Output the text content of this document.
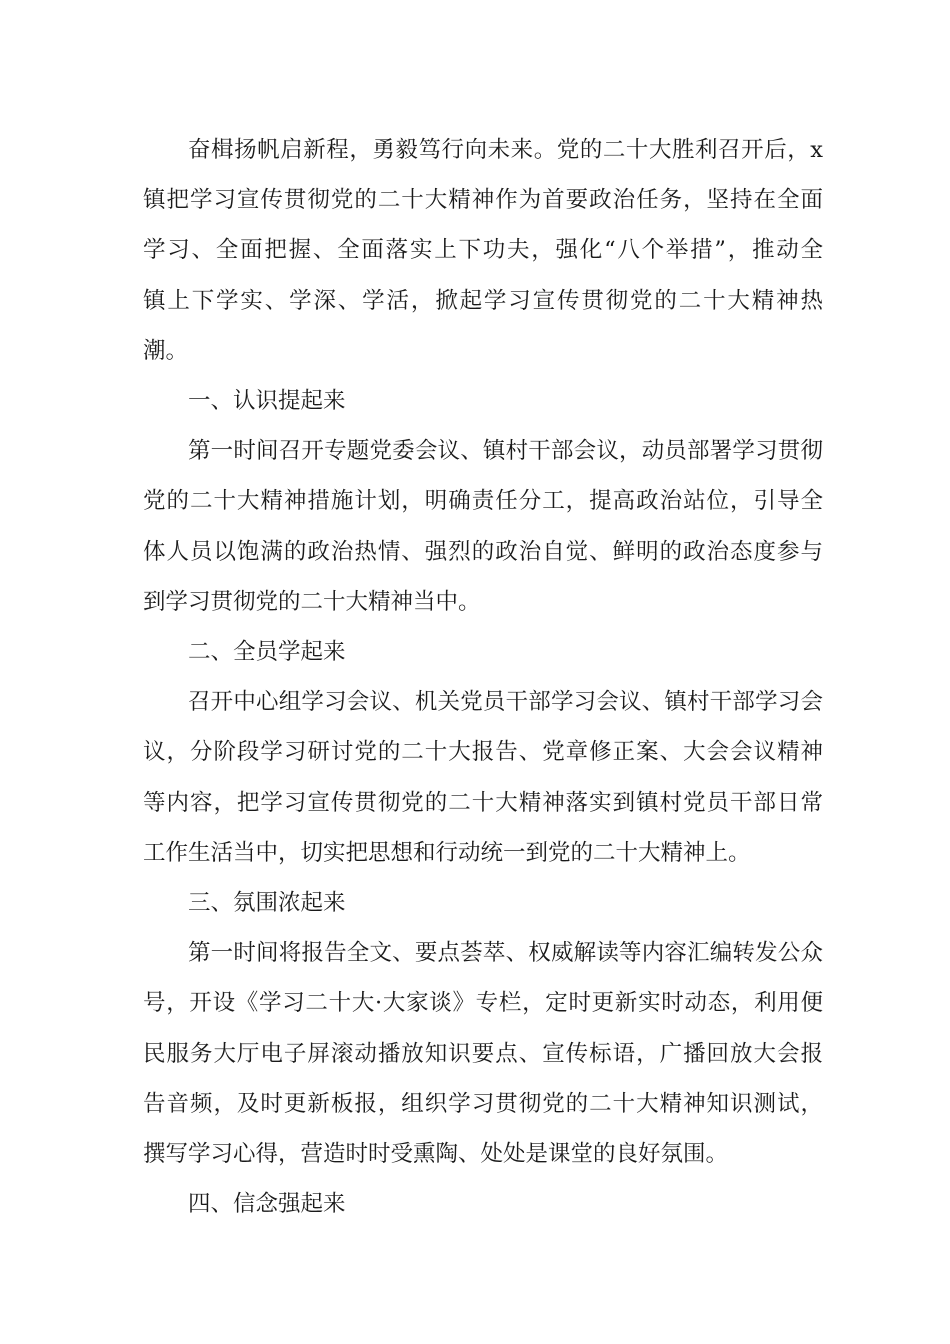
奋楫扬帆启新程，勇毅笃行向未来。党的二十大胜利召开后，x
镇把学习宣传贯彻党的二十大精神作为首要政治任务，坚持在全面
学习、全面把握、全面落实上下功夫，强化“八个举措”，推动全
镇上下学实、学深、学活，掀起学习宣传贯彻党的二十大精神热
潮。
一、认识提起来
第一时间召开专题党委会议、镇村干部会议，动员部署学习贯彻
党的二十大精神措施计划，明确责任分工，提高政治站位，引导全
体人员以饱满的政治热情、强烈的政治自觉、鲜明的政治态度参与
到学习贯彻党的二十大精神当中。
二、全员学起来
召开中心组学习会议、机关党员干部学习会议、镇村干部学习会
议，分阶段学习研讨党的二十大报告、党章修正案、大会会议精神
等内容，把学习宣传贯彻党的二十大精神落实到镇村党员干部日常
工作生活当中，切实把思想和行动统一到党的二十大精神上。
三、氛围浓起来
第一时间将报告全文、要点荟萃、权威解读等内容汇编转发公众
号，开设《学习二十大·大家谈》专栏，定时更新实时动态，利用便
民服务大厅电子屏滚动播放知识要点、宣传标语，广播回放大会报
告音频，及时更新板报，组织学习贯彻党的二十大精神知识测试，
撰写学习心得，营造时时受熏陶、处处是课堂的良好氛围。
四、信念强起来
